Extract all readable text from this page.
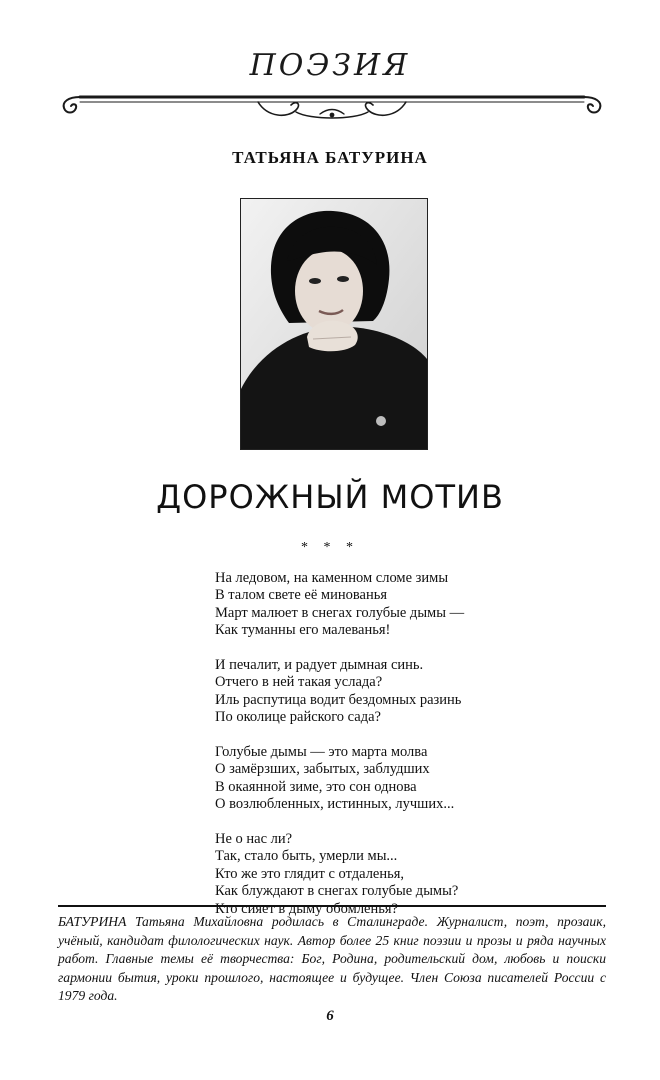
ПОЭЗИЯ
ТАТЬЯНА БАТУРИНА
ДОРОЖНЫЙ МОТИВ
* * *
На ледовом, на каменном сломе зимы
В талом свете её минованья
Март малюет в снегах голубые дымы —
Как туманны его малеванья!
И печалит, и радует дымная синь.
Отчего в ней такая услада?
Иль распутица водит бездомных разинь
По околице райского сада?
Голубые дымы — это марта молва
О замёрзших, забытых, заблудших
В окаянной зиме, это сон однова
О возлюбленных, истинных, лучших...
Не о нас ли?
Так, стало быть, умерли мы...
Кто же это глядит с отдаленья,
Как блуждают в снегах голубые дымы?
Кто сияет в дыму обомленья?
БАТУРИНА Татьяна Михайловна родилась в Сталинграде. Журналист, поэт, прозаик, учёный, кандидат филологических наук. Автор более 25 книг поэзии и прозы и ряда научных работ. Главные темы её творчества: Бог, Родина, родительский дом, любовь и поиски гармонии бытия, уроки прошлого, настоящее и будущее. Член Союза писателей России с 1979 года.
6
